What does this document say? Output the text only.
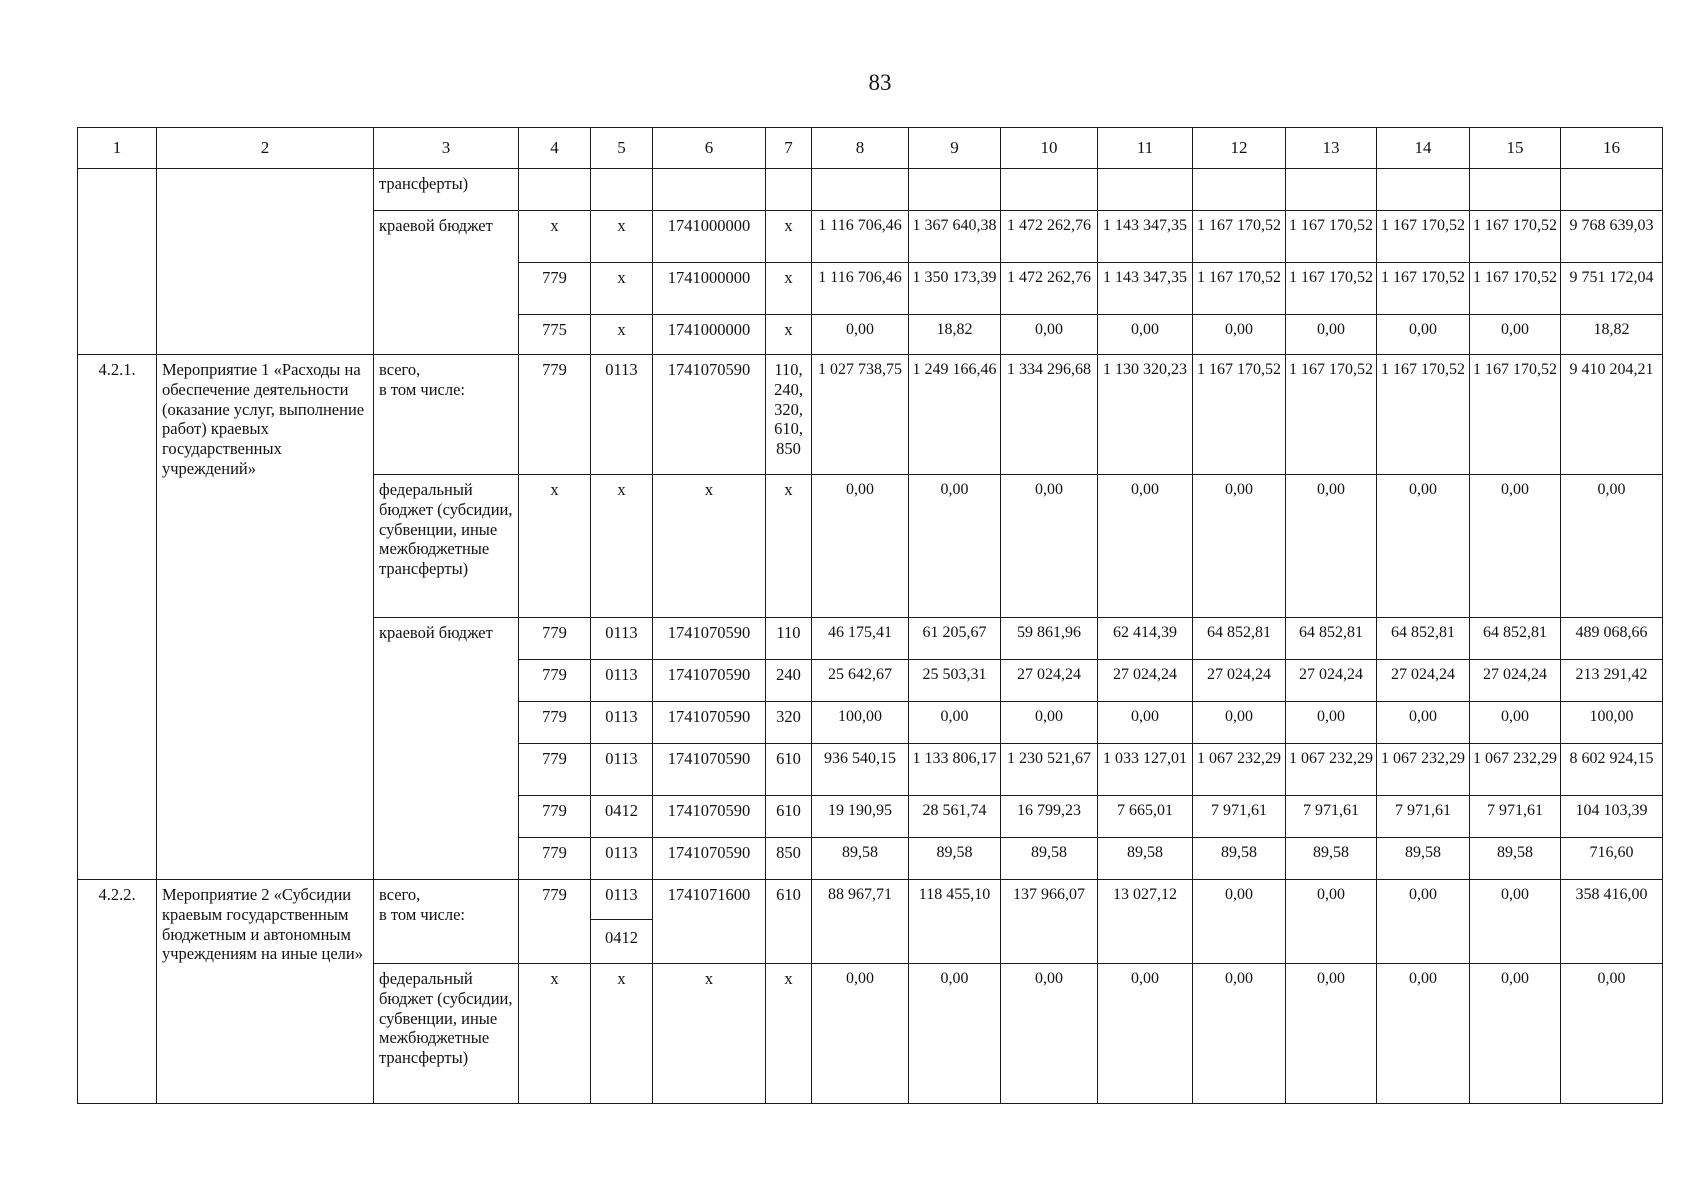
83
1	2	3	4	5	6	7	8	9	10	11	12	13	14	15	16
		трансферты)													
		краевой бюджет	х	х	1741000000	х	1 116 706,46	1 367 640,38	1 472 262,76	1 143 347,35	1 167 170,52	1 167 170,52	1 167 170,52	1 167 170,52	9 768 639,03
			779	х	1741000000	х	1 116 706,46	1 350 173,39	1 472 262,76	1 143 347,35	1 167 170,52	1 167 170,52	1 167 170,52	1 167 170,52	9 751 172,04
			775	х	1741000000	х	0,00	18,82	0,00	0,00	0,00	0,00	0,00	0,00	18,82
4.2.1.	Мероприятие 1 «Расходы на обеспечение деятельности (оказание услуг, выполнение работ) краевых государственных учреждений»	всего,
в том числе:	779	0113	1741070590	110,
240,
320,
610,
850	1 027 738,75	1 249 166,46	1 334 296,68	1 130 320,23	1 167 170,52	1 167 170,52	1 167 170,52	1 167 170,52	9 410 204,21
		федеральный бюджет (субсидии, субвенции, иные межбюджетные трансферты)	х	х	х	х	0,00	0,00	0,00	0,00	0,00	0,00	0,00	0,00	0,00
		краевой бюджет	779	0113	1741070590	110	46 175,41	61 205,67	59 861,96	62 414,39	64 852,81	64 852,81	64 852,81	64 852,81	489 068,66
			779	0113	1741070590	240	25 642,67	25 503,31	27 024,24	27 024,24	27 024,24	27 024,24	27 024,24	27 024,24	213 291,42
			779	0113	1741070590	320	100,00	0,00	0,00	0,00	0,00	0,00	0,00	0,00	100,00
			779	0113	1741070590	610	936 540,15	1 133 806,17	1 230 521,67	1 033 127,01	1 067 232,29	1 067 232,29	1 067 232,29	1 067 232,29	8 602 924,15
			779	0412	1741070590	610	19 190,95	28 561,74	16 799,23	7 665,01	7 971,61	7 971,61	7 971,61	7 971,61	104 103,39
			779	0113	1741070590	850	89,58	89,58	89,58	89,58	89,58	89,58	89,58	89,58	716,60
4.2.2.	Мероприятие 2 «Субсидии краевым государственным бюджетным и автономным учреждениям на иные цели»	всего,
в том числе:	779	0113
0412	1741071600	610	88 967,71	118 455,10	137 966,07	13 027,12	0,00	0,00	0,00	0,00	358 416,00
		федеральный бюджет (субсидии, субвенции, иные межбюджетные трансферты)	х	х	х	х	0,00	0,00	0,00	0,00	0,00	0,00	0,00	0,00	0,00
